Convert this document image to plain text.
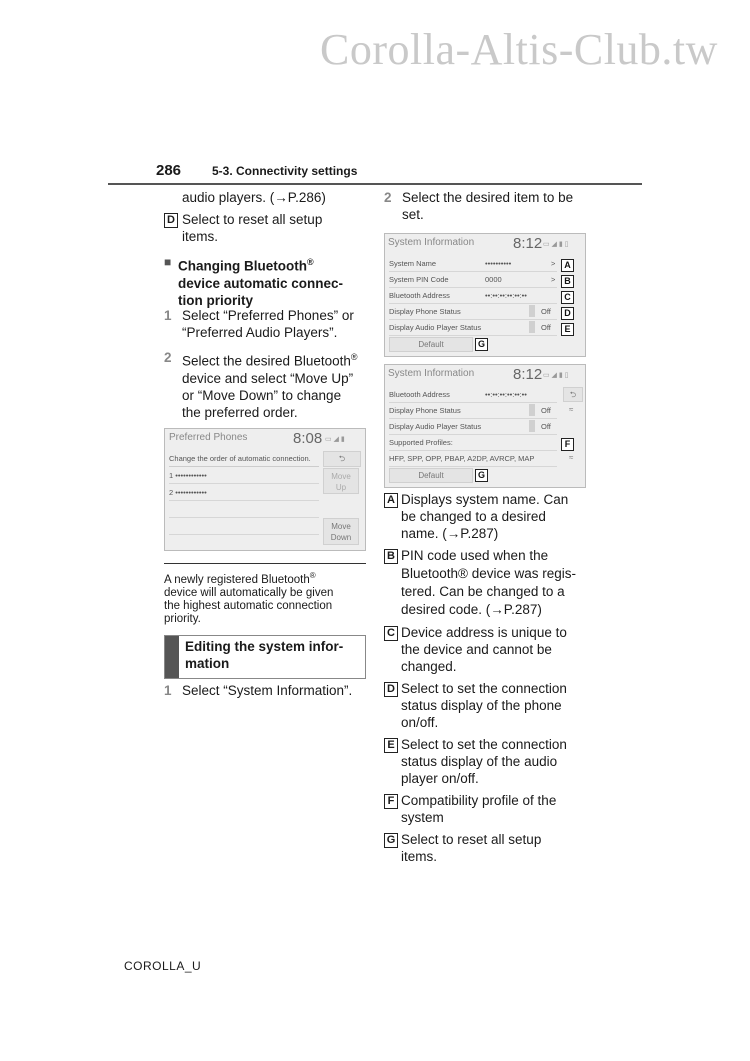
Corolla-Altis-Club.tw
286	5-3. Connectivity settings
audio players. (→P.286)
D Select to reset all setup
items.
■ Changing Bluetooth®
device automatic connec-
tion priority
1 Select “Preferred Phones” or
“Preferred Audio Players”.
2 Select the desired Bluetooth®
device and select “Move Up”
or “Move Down” to change
the preferred order.
Preferred Phones	8:08 ▭ ◢ ▮
Change the order of automatic connection.	⮌
1 ••••••••••••
2 ••••••••••••
Move
Up
Move
Down
A newly registered Bluetooth®
device will automatically be given
the highest automatic connection
priority.
Editing the system infor-
mation
1 Select “System Information”.
2 Select the desired item to be
set.
System Information	8:12 ▭ ◢ ▮ ▯
System Name	••••••••••	> A
System PIN Code	0000	> B
Bluetooth Address	••:••:••:••:••:••	C
Display Phone Status	Off	D
Display Audio Player Status	Off	E
Default	G
System Information	8:12 ▭ ◢ ▮ ▯
⮌
≈
≈
Bluetooth Address	••:••:••:••:••:••
Display Phone Status	Off
Display Audio Player Status	Off
Supported Profiles:	F
HFP, SPP, OPP, PBAP, A2DP, AVRCP, MAP
Default	G
A Displays system name. Can
be changed to a desired
name. (→P.287)
B PIN code used when the
Bluetooth® device was regis-
tered. Can be changed to a
desired code. (→P.287)
C Device address is unique to
the device and cannot be
changed.
D Select to set the connection
status display of the phone
on/off.
E Select to set the connection
status display of the audio
player on/off.
F Compatibility profile of the
system
G Select to reset all setup
items.
COROLLA_U
